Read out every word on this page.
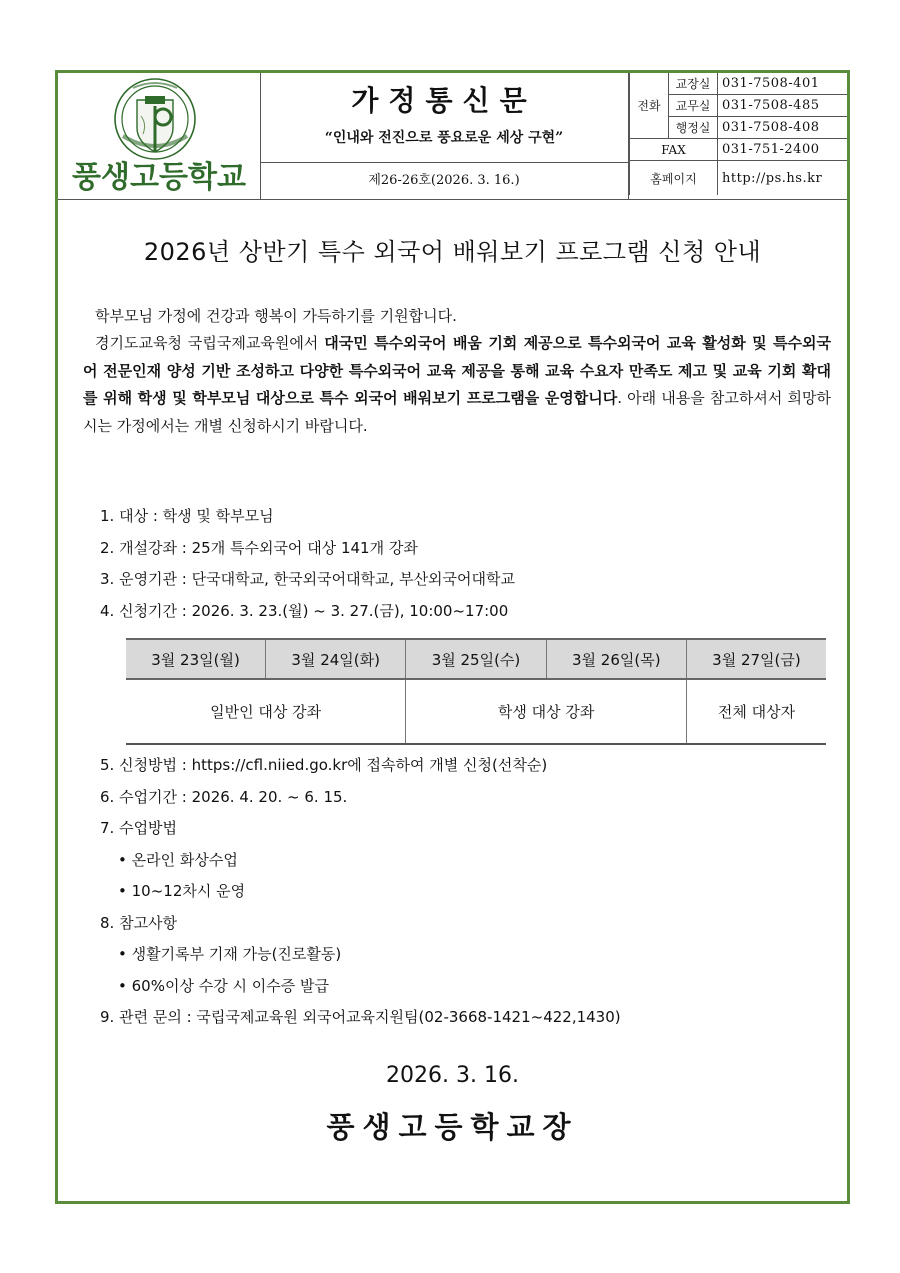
풍생고등학교
가정통신문
“인내와 전진으로 풍요로운 세상 구현”
제26-26호(2026. 3. 16.)
전화	교장실	031-7508-401
	교무실	031-7508-485
	행정실	031-7508-408
FAX		031-751-2400
홈페이지		http://ps.hs.kr
2026년 상반기 특수 외국어 배워보기 프로그램 신청 안내
학부모님 가정에 건강과 행복이 가득하기를 기원합니다.
경기도교육청 국립국제교육원에서 대국민 특수외국어 배움 기회 제공으로 특수외국어 교육 활성화 및 특수외국어 전문인재 양성 기반 조성하고 다양한 특수외국어 교육 제공을 통해 교육 수요자 만족도 제고 및 교육 기회 확대를 위해 학생 및 학부모님 대상으로 특수 외국어 배워보기 프로그램을 운영합니다. 아래 내용을 참고하셔서 희망하시는 가정에서는 개별 신청하시기 바랍니다.
1. 대상 : 학생 및 학부모님
2. 개설강좌 : 25개 특수외국어 대상 141개 강좌
3. 운영기관 : 단국대학교, 한국외국어대학교, 부산외국어대학교
4. 신청기간 : 2026. 3. 23.(월) ~ 3. 27.(금), 10:00~17:00
3월 23일(월)	3월 24일(화)	3월 25일(수)	3월 26일(목)	3월 27일(금)
일반인 대상 강좌		학생 대상 강좌		전체 대상자
5. 신청방법 : https://cfl.niied.go.kr에 접속하여 개별 신청(선착순)
6. 수업기간 : 2026. 4. 20. ~ 6. 15.
7. 수업방법
• 온라인 화상수업
• 10~12차시 운영
8. 참고사항
• 생활기록부 기재 가능(진로활동)
• 60%이상 수강 시 이수증 발급
9. 관련 문의 : 국립국제교육원 외국어교육지원팀(02-3668-1421~422,1430)
2026. 3. 16.
풍생고등학교장
